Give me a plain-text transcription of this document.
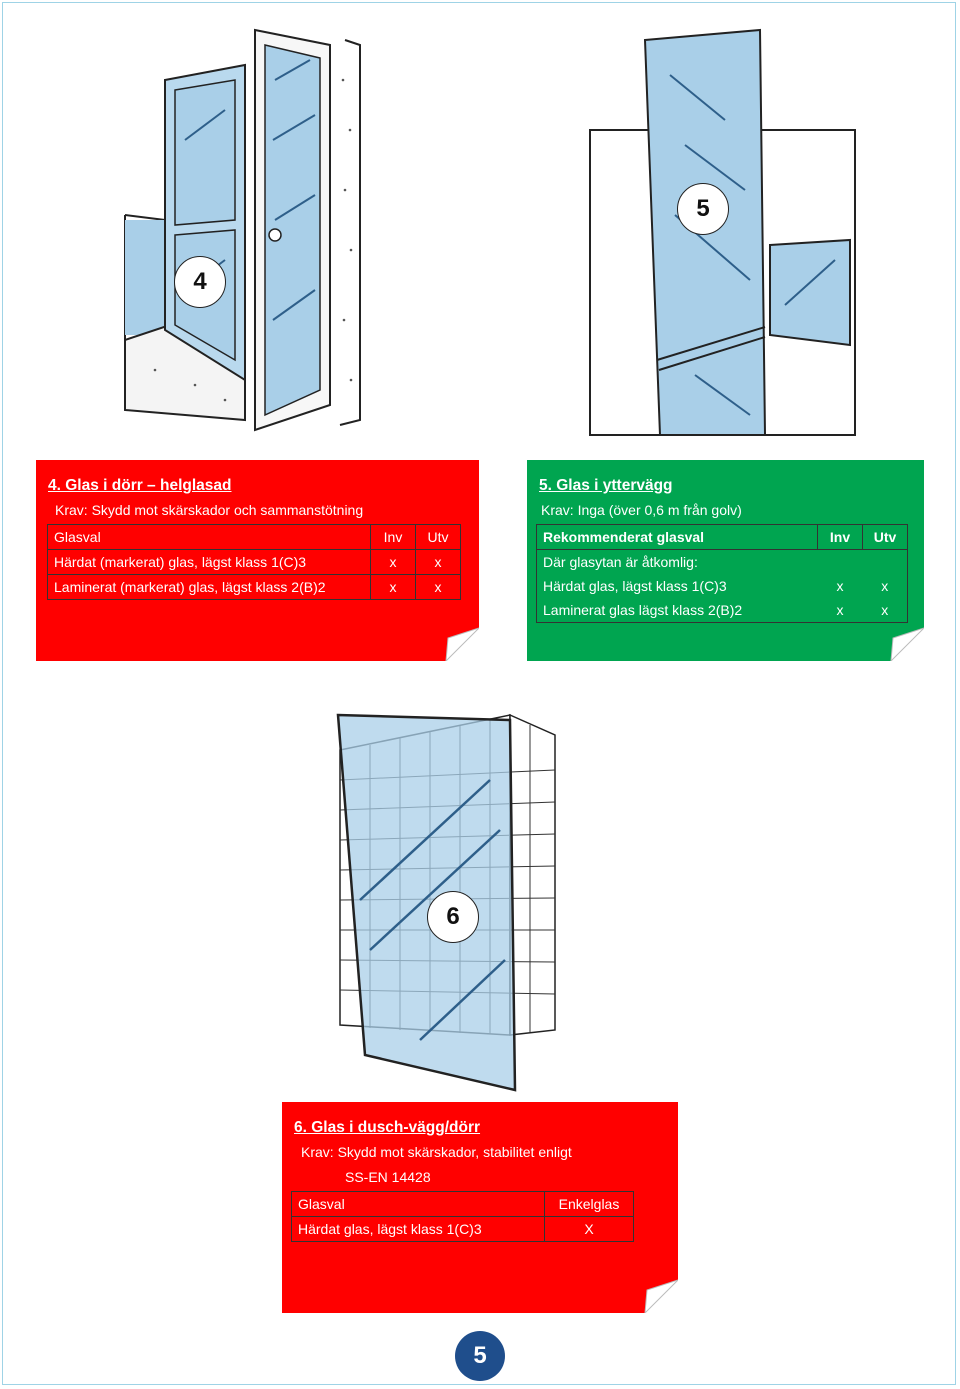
4
5
6
4. Glas i dörr – helglasad
Krav: Skydd mot skärskador och sammanstötning
Glasval	Inv	Utv
Härdat (markerat) glas, lägst klass 1(C)3	x	x
Laminerat (markerat) glas, lägst klass 2(B)2	x	x
5. Glas i yttervägg
Krav: Inga (över 0,6 m från golv)
Rekommenderat glasval	Inv	Utv
Där glasytan är åtkomlig:		
Härdat glas, lägst klass 1(C)3	x	x
Laminerat glas lägst klass 2(B)2	x	x
6. Glas i dusch-vägg/dörr
Krav: Skydd mot skärskador, stabilitet enligt
SS-EN 14428
Glasval	Enkelglas
Härdat glas, lägst klass 1(C)3	X
5
